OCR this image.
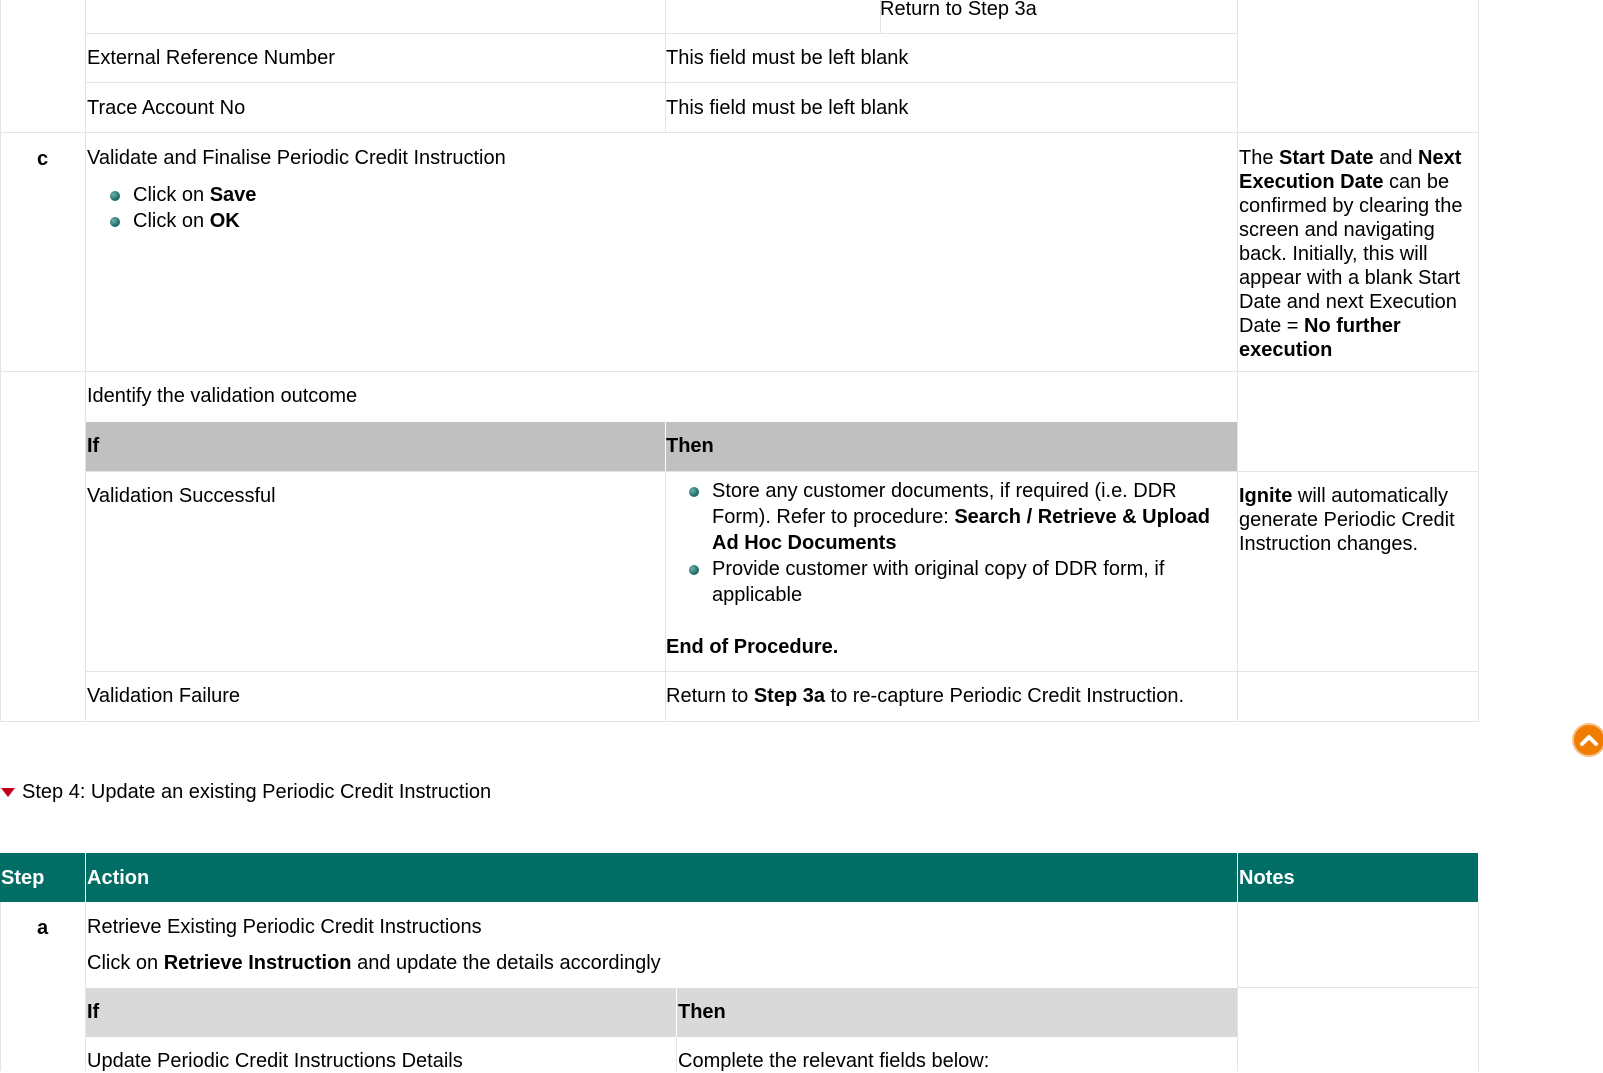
Return to Step 3a
External Reference Number	This field must be left blank
Trace Account No	This field must be left blank
c Validate and Finalise Periodic Credit Instruction
Click on Save
Click on OK
The Start Date and Next Execution Date can be confirmed by clearing the screen and navigating back. Initially, this will appear with a blank Start Date and next Execution Date = No further execution
Identify the validation outcome
If	Then
Validation Successful	Store any customer documents, if required (i.e. DDR Form). Refer to procedure: Search / Retrieve & Upload Ad Hoc Documents
Provide customer with original copy of DDR form, if applicable
End of Procedure.
Ignite will automatically generate Periodic Credit Instruction changes.
Validation Failure	Return to Step 3a to re-capture Periodic Credit Instruction.
Step 4: Update an existing Periodic Credit Instruction
Step Action	Notes
a Retrieve Existing Periodic Credit Instructions
Click on Retrieve Instruction and update the details accordingly
If	Then
Update Periodic Credit Instructions Details	Complete the relevant fields below:
